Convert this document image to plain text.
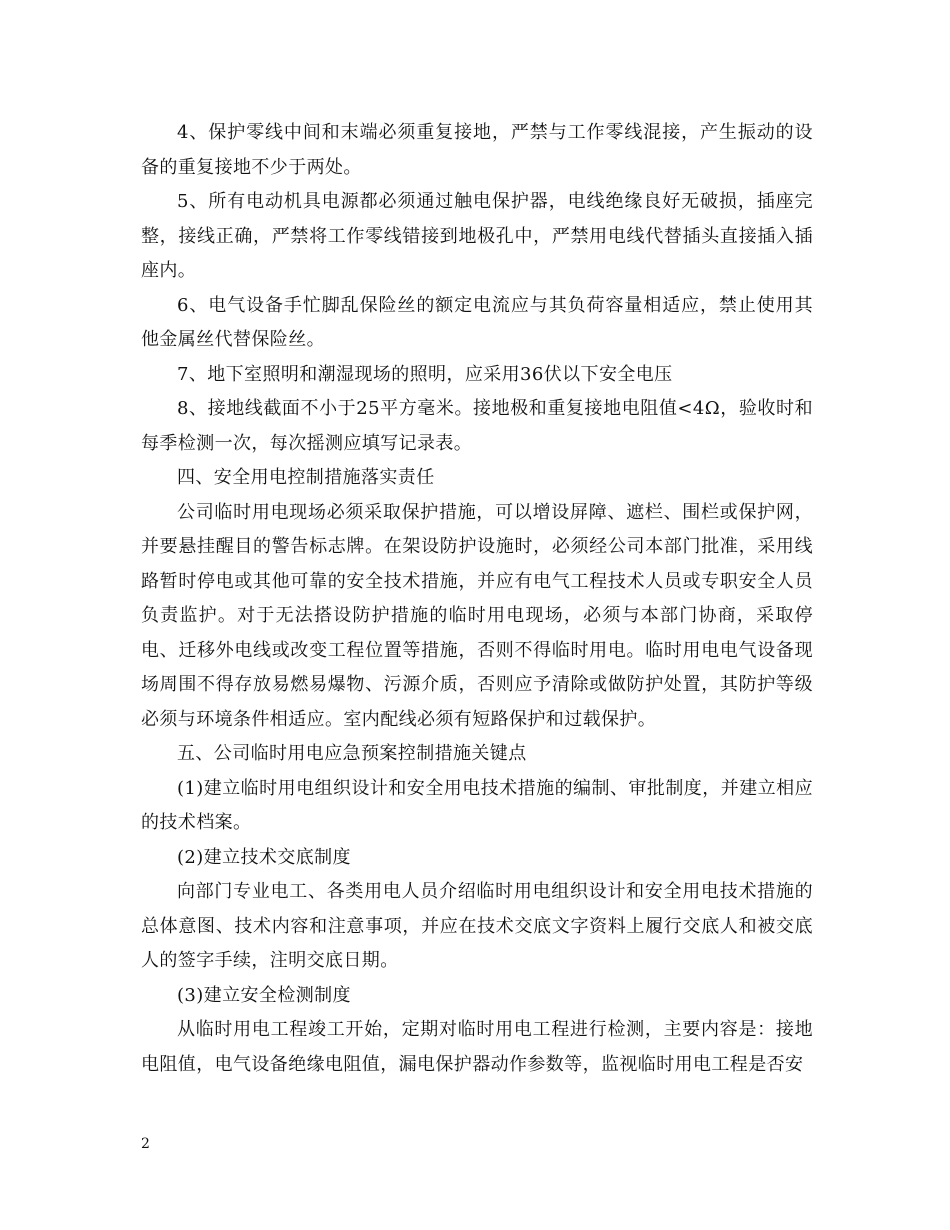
4、保护零线中间和末端必须重复接地，严禁与工作零线混接，产生振动的设备的重复接地不少于两处。

5、所有电动机具电源都必须通过触电保护器，电线绝缘良好无破损，插座完整，接线正确，严禁将工作零线错接到地极孔中，严禁用电线代替插头直接插入插座内。

6、电气设备手忙脚乱保险丝的额定电流应与其负荷容量相适应，禁止使用其他金属丝代替保险丝。

7、地下室照明和潮湿现场的照明，应采用36伏以下安全电压

8、接地线截面不小于25平方毫米。接地极和重复接地电阻值<4Ω，验收时和每季检测一次，每次摇测应填写记录表。

四、安全用电控制措施落实责任

公司临时用电现场必须采取保护措施，可以增设屏障、遮栏、围栏或保护网，并要悬挂醒目的警告标志牌。在架设防护设施时，必须经公司本部门批准，采用线路暂时停电或其他可靠的安全技术措施，并应有电气工程技术人员或专职安全人员负责监护。对于无法搭设防护措施的临时用电现场，必须与本部门协商，采取停电、迁移外电线或改变工程位置等措施，否则不得临时用电。临时用电电气设备现场周围不得存放易燃易爆物、污源介质，否则应予清除或做防护处置，其防护等级必须与环境条件相适应。室内配线必须有短路保护和过载保护。

五、公司临时用电应急预案控制措施关键点

(1)建立临时用电组织设计和安全用电技术措施的编制、审批制度，并建立相应的技术档案。

(2)建立技术交底制度

向部门专业电工、各类用电人员介绍临时用电组织设计和安全用电技术措施的总体意图、技术内容和注意事项，并应在技术交底文字资料上履行交底人和被交底人的签字手续，注明交底日期。

(3)建立安全检测制度

从临时用电工程竣工开始，定期对临时用电工程进行检测，主要内容是：接地电阻值，电气设备绝缘电阻值，漏电保护器动作参数等，监视临时用电工程是否安

2
